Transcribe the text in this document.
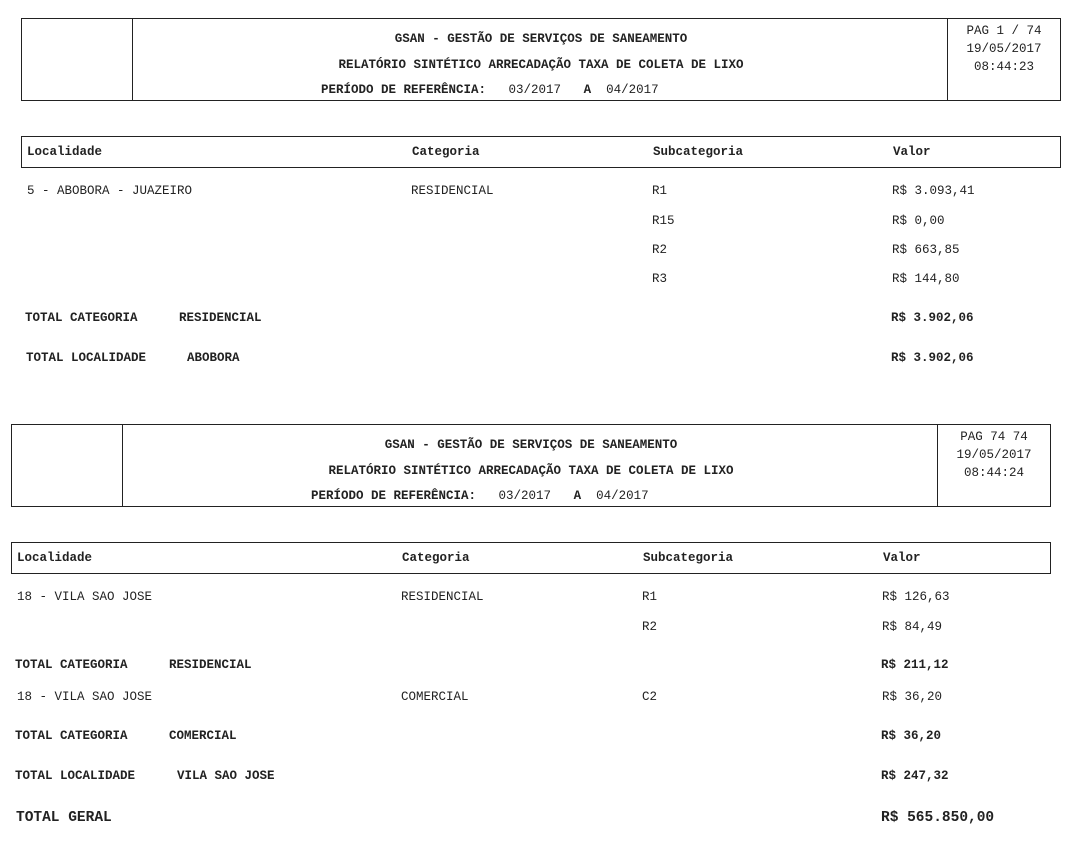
GSAN - GESTÃO DE SERVIÇOS DE SANEAMENTO
RELATÓRIO SINTÉTICO ARRECADAÇÃO TAXA DE COLETA DE LIXO
PERÍODO DE REFERÊNCIA: 03/2017 A 04/2017
PAG 1 / 74
19/05/2017
08:44:23
Localidade	Categoria	Subcategoria	Valor
5 - ABOBORA - JUAZEIRO	RESIDENCIAL	R1	R$ 3.093,41
R15	R$ 0,00
R2	R$ 663,85
R3	R$ 144,80
TOTAL CATEGORIA	RESIDENCIAL	R$ 3.902,06
TOTAL LOCALIDADE	ABOBORA	R$ 3.902,06
GSAN - GESTÃO DE SERVIÇOS DE SANEAMENTO
RELATÓRIO SINTÉTICO ARRECADAÇÃO TAXA DE COLETA DE LIXO
PERÍODO DE REFERÊNCIA: 03/2017 A 04/2017
PAG 74 74
19/05/2017
08:44:24
Localidade	Categoria	Subcategoria	Valor
18 - VILA SAO JOSE	RESIDENCIAL	R1	R$ 126,63
R2	R$ 84,49
TOTAL CATEGORIA	RESIDENCIAL	R$ 211,12
18 - VILA SAO JOSE	COMERCIAL	C2	R$ 36,20
TOTAL CATEGORIA	COMERCIAL	R$ 36,20
TOTAL LOCALIDADE	VILA SAO JOSE	R$ 247,32
TOTAL GERAL	R$ 565.850,00
